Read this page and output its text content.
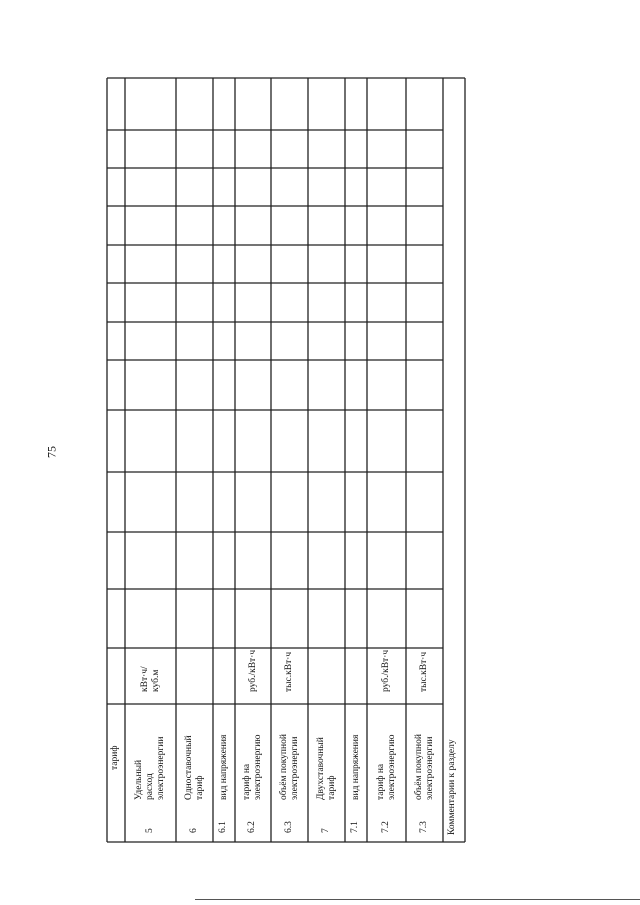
75
тариф
5
Удельный расход электроэнергии
кВт·ч/ куб.м
6
Одноставочный тариф
6.1
вид напряжения
6.2
тариф на электроэнергию
руб./кВт·ч
6.3
объём покупной электроэнергии
тыс.кВт·ч
7
Двухставочный тариф
7.1
вид напряжения
7.2
тариф на электроэнергию
руб./кВт·ч
7.3
объём покупной электроэнергии
тыс.кВт·ч
Комментарии к разделу
